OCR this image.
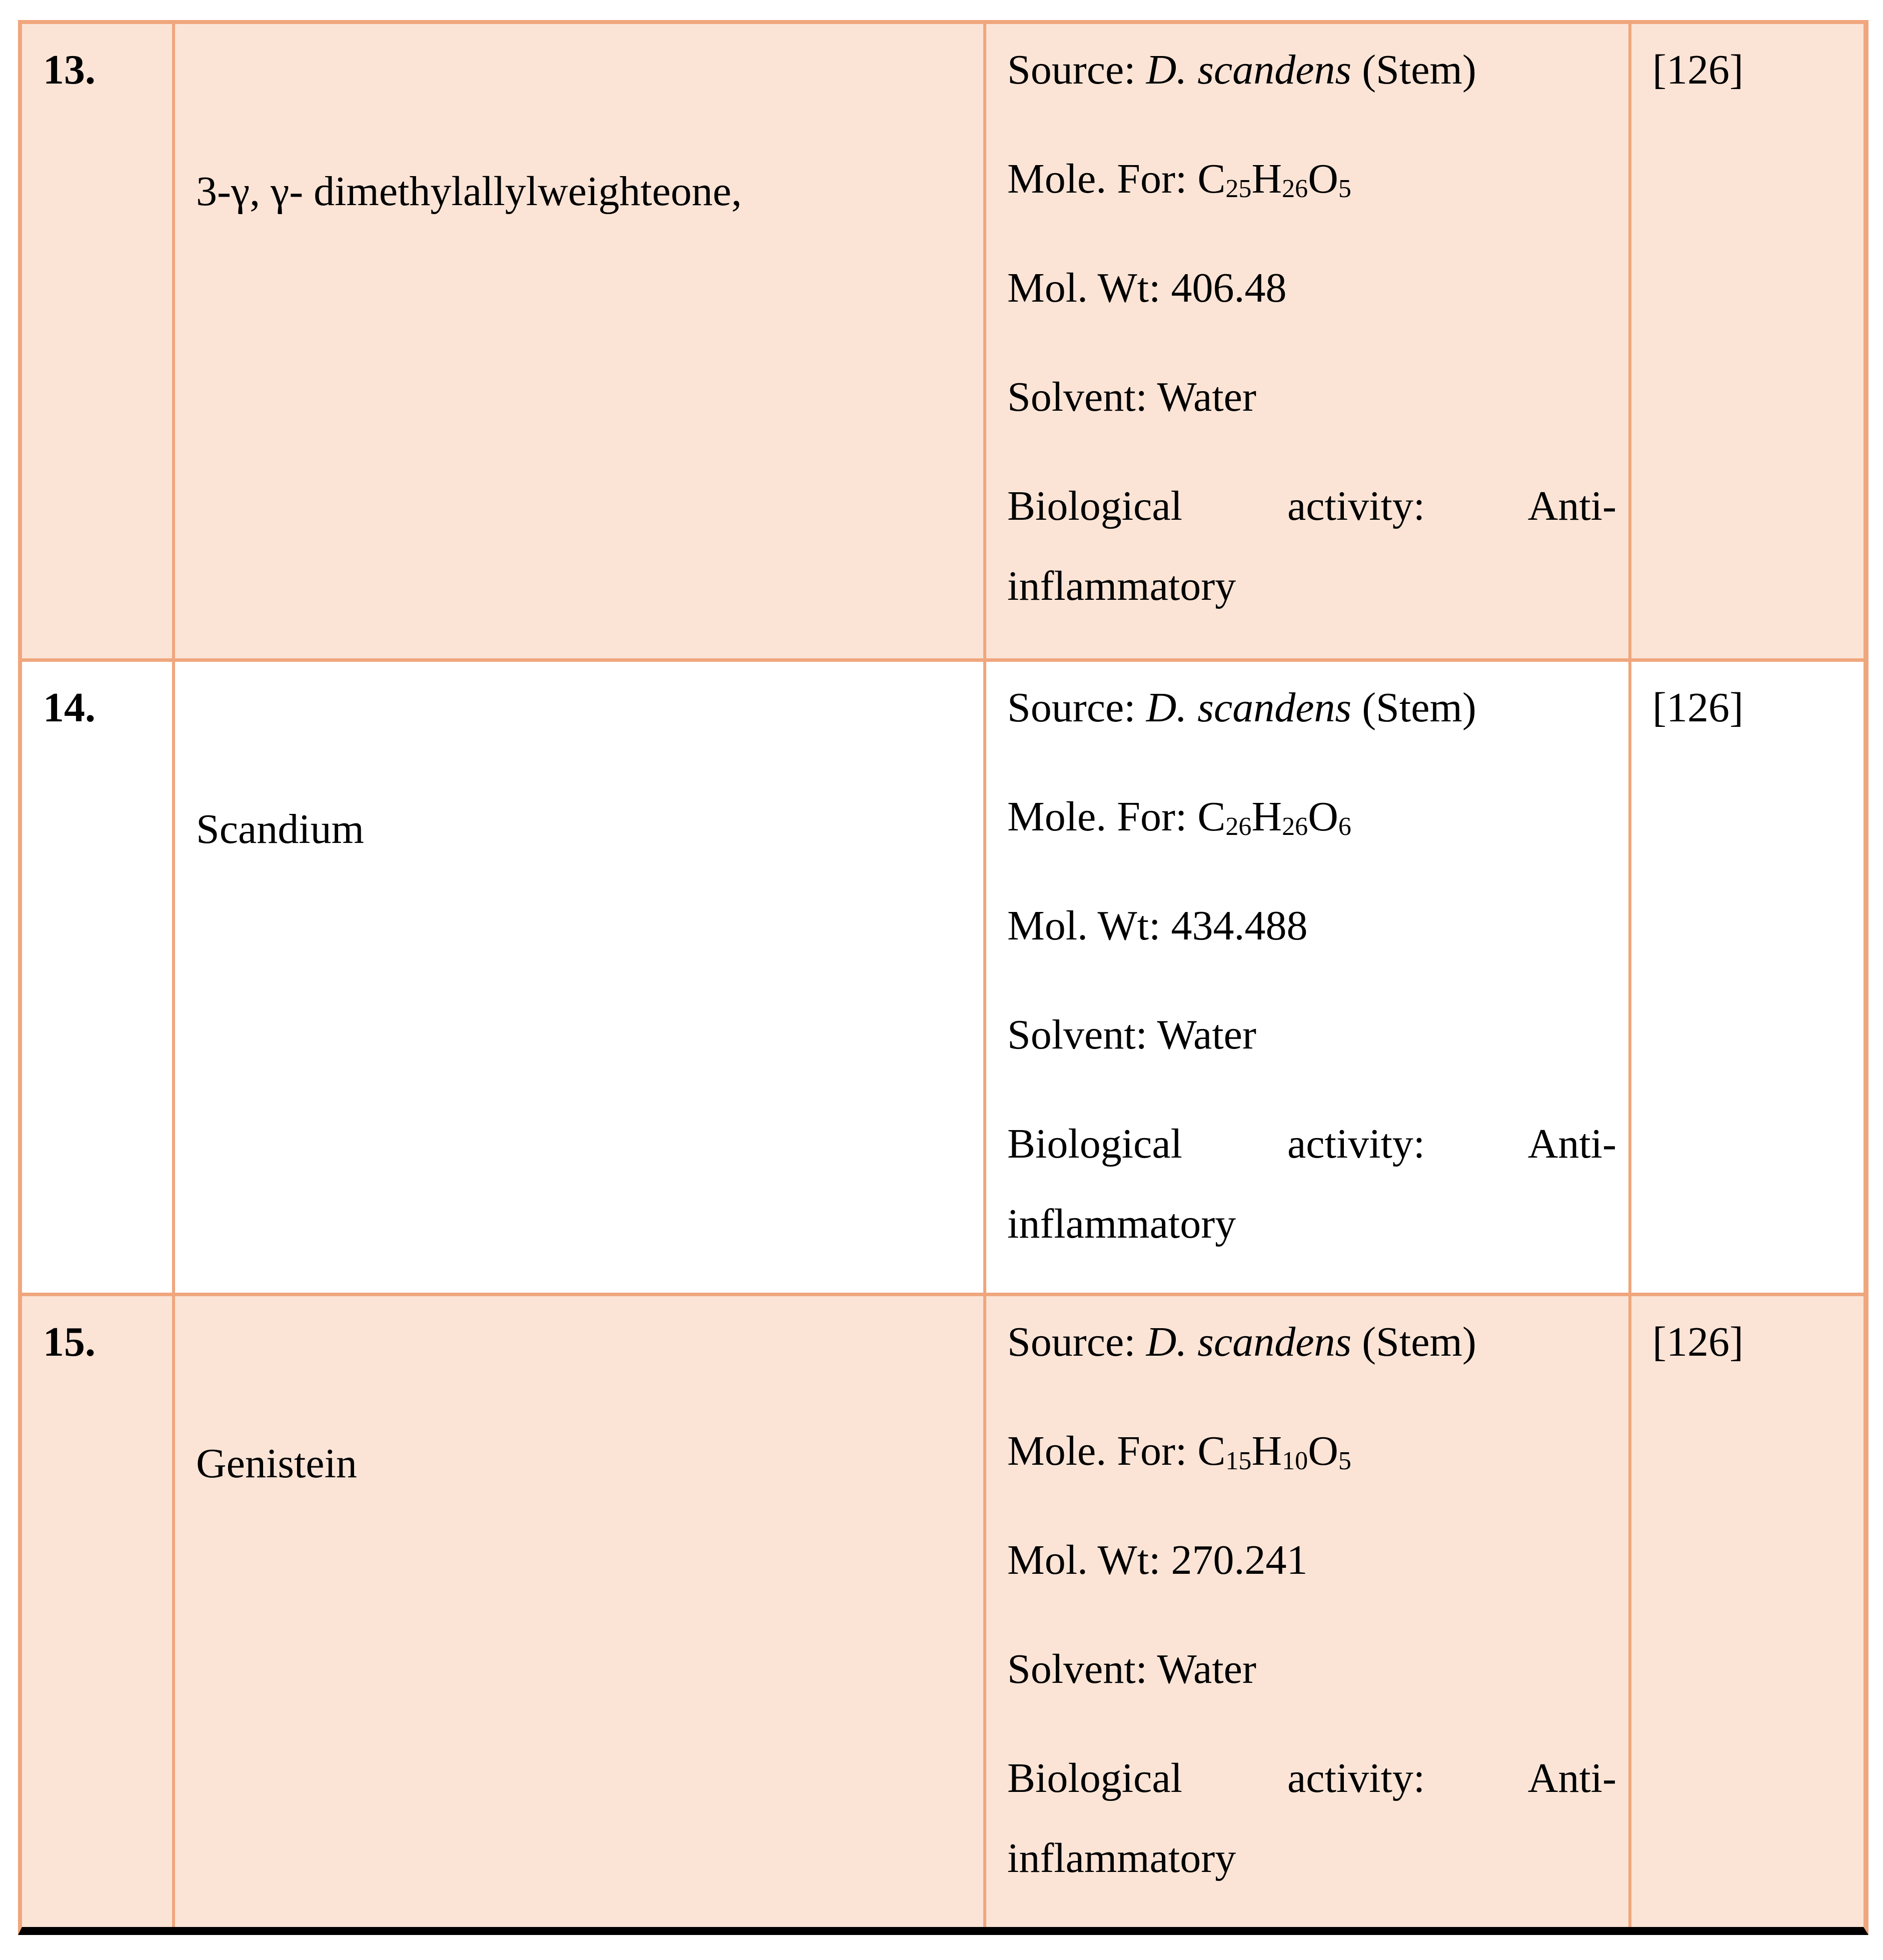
13.

3-γ, γ- dimethylallylweighteone,

Source: D. scandens (Stem)

Mole. For: $C_{25}H_{26}O_5$

Mol. Wt: 406.48

Solvent: Water

Biological activity: Anti-inflammatory

[126]

14.

Scandium

Source: D. scandens (Stem)

Mole. For: $C_{26}H_{26}O_6$

Mol. Wt: 434.488

Solvent: Water

Biological activity: Anti-inflammatory

[126]

15.

Genistein

Source: D. scandens (Stem)

Mole. For: $C_{15}H_{10}O_5$

Mol. Wt: 270.241

Solvent: Water

Biological activity: Anti-inflammatory

[126]
